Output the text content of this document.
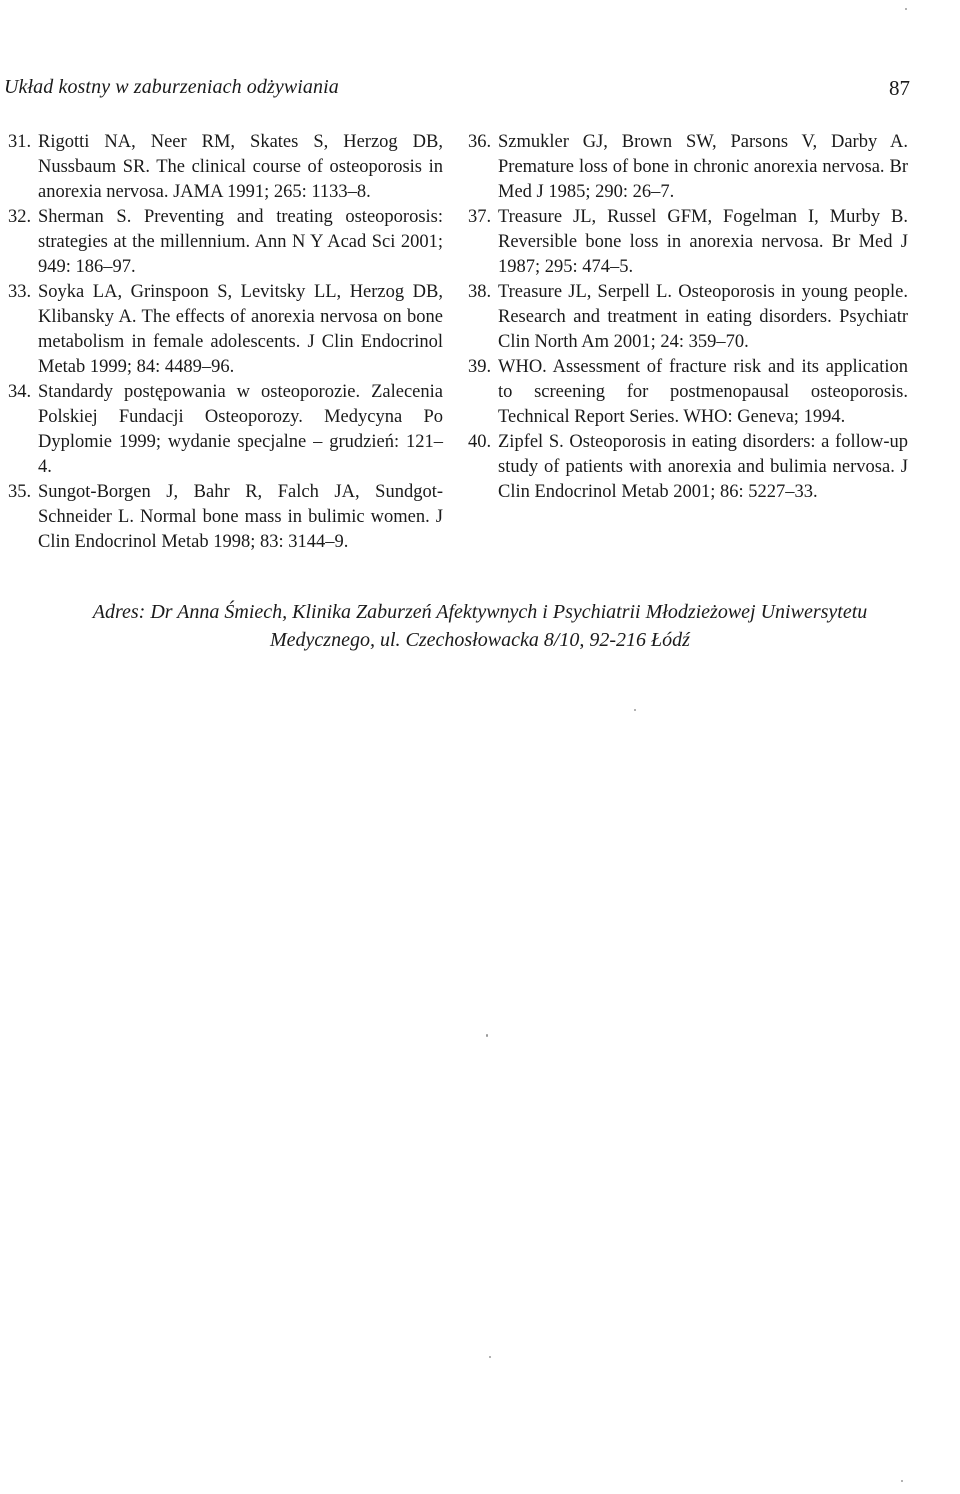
Układ kostny w zaburzeniach odżywiania	87
31. Rigotti NA, Neer RM, Skates S, Herzog DB, Nussbaum SR. The clinical course of osteoporosis in anorexia nervosa. JAMA 1991; 265: 1133–8.
32. Sherman S. Preventing and treating osteoporosis: strategies at the millennium. Ann N Y Acad Sci 2001; 949: 186–97.
33. Soyka LA, Grinspoon S, Levitsky LL, Herzog DB, Klibansky A. The effects of anorexia nervosa on bone metabolism in female adolescents. J Clin Endocrinol Metab 1999; 84: 4489–96.
34. Standardy postępowania w osteoporozie. Zalecenia Polskiej Fundacji Osteoporozy. Medycyna Po Dyplomie 1999; wydanie specjalne – grudzień: 121–4.
35. Sungot-Borgen J, Bahr R, Falch JA, Sundgot-Schneider L. Normal bone mass in bulimic women. J Clin Endocrinol Metab 1998; 83: 3144–9.
36. Szmukler GJ, Brown SW, Parsons V, Darby A. Premature loss of bone in chronic anorexia nervosa. Br Med J 1985; 290: 26–7.
37. Treasure JL, Russel GFM, Fogelman I, Murby B. Reversible bone loss in anorexia nervosa. Br Med J 1987; 295: 474–5.
38. Treasure JL, Serpell L. Osteoporosis in young people. Research and treatment in eating disorders. Psychiatr Clin North Am 2001; 24: 359–70.
39. WHO. Assessment of fracture risk and its application to screening for postmenopausal osteoporosis. Technical Report Series. WHO: Geneva; 1994.
40. Zipfel S. Osteoporosis in eating disorders: a follow-up study of patients with anorexia and bulimia nervosa. J Clin Endocrinol Metab 2001; 86: 5227–33.
Adres: Dr Anna Śmiech, Klinika Zaburzeń Afektywnych i Psychiatrii Młodzieżowej Uniwersytetu
Medycznego, ul. Czechosłowacka 8/10, 92-216 Łódź
